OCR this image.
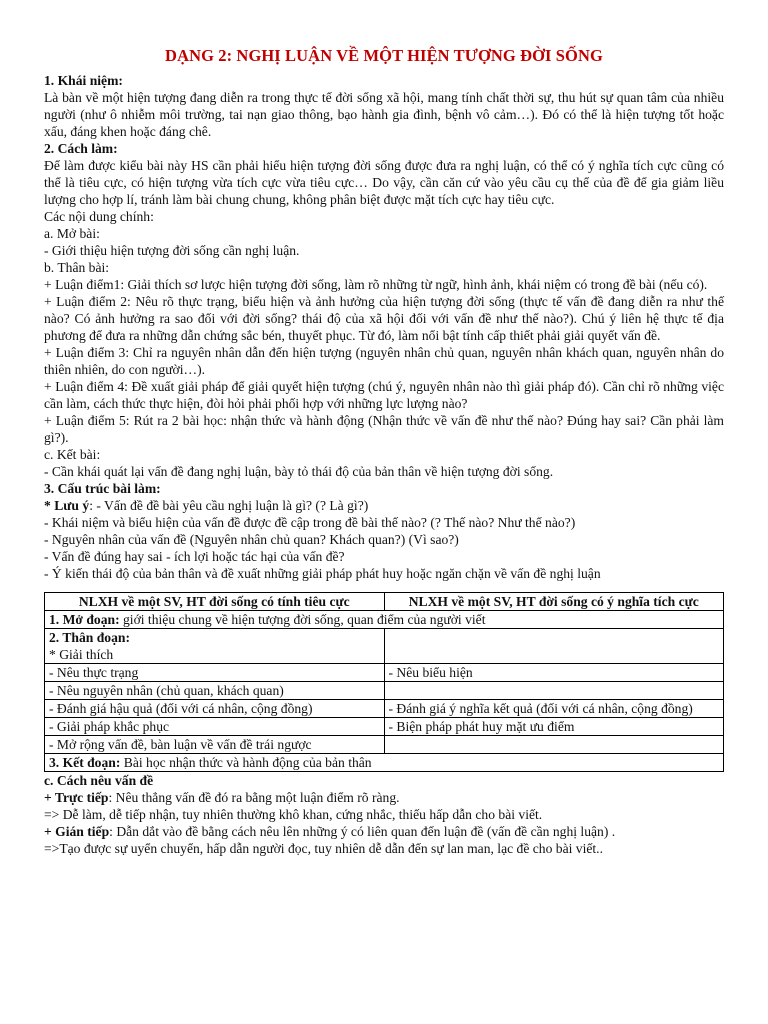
DẠNG 2: NGHỊ LUẬN VỀ MỘT HIỆN TƯỢNG ĐỜI SỐNG

1. Khái niệm:

Là bàn về một hiện tượng đang diễn ra trong thực tế đời sống xã hội, mang tính chất thời sự, thu hút sự quan tâm của nhiều người (như ô nhiễm môi trường, tai nạn giao thông, bạo hành gia đình, bệnh vô cảm…). Đó có thể là hiện tượng tốt hoặc xấu, đáng khen hoặc đáng chê.

2. Cách làm:

Để làm được kiểu bài này HS cần phải hiểu hiện tượng đời sống được đưa ra nghị luận, có thể có ý nghĩa tích cực cũng có thể là tiêu cực, có hiện tượng vừa tích cực vừa tiêu cực… Do vậy, cần căn cứ vào yêu cầu cụ thể của đề để gia giảm liều lượng cho hợp lí, tránh làm bài chung chung, không phân biệt được mặt tích cực hay tiêu cực.

Các nội dung chính:

a. Mở bài:

- Giới thiệu hiện tượng đời sống cần nghị luận.

b. Thân bài:

+ Luận điểm1: Giải thích sơ lược hiện tượng đời sống, làm rõ những từ ngữ, hình ảnh, khái niệm có trong đề bài (nếu có).

+ Luận điểm 2: Nêu rõ thực trạng, biểu hiện và ảnh hưởng của hiện tượng đời sống (thực tế vấn đề đang diễn ra như thế nào? Có ảnh hưởng ra sao đối với đời sống? thái độ của xã hội đối với vấn đề như thế nào?). Chú ý liên hệ thực tế địa phương để đưa ra những dẫn chứng sắc bén, thuyết phục. Từ đó, làm nổi bật tính cấp thiết phải giải quyết vấn đề.

+ Luận điểm 3: Chỉ ra nguyên nhân dẫn đến hiện tượng (nguyên nhân chủ quan, nguyên nhân khách quan, nguyên nhân do thiên nhiên, do con người…).

+ Luận điểm 4: Đề xuất giải pháp để giải quyết hiện tượng (chú ý, nguyên nhân nào thì giải pháp đó). Cần chỉ rõ những việc cần làm, cách thức thực hiện, đòi hỏi phải phối hợp với những lực lượng nào?

+ Luận điểm 5: Rút ra 2 bài học: nhận thức và hành động (Nhận thức về vấn đề như thế nào? Đúng hay sai? Cần phải làm gì?).

c. Kết bài:

- Cần khái quát lại vấn đề đang nghị luận, bày tỏ thái độ của bản thân về hiện tượng đời sống.

3. Cấu trúc bài làm:

* Lưu ý: - Vấn đề đề bài yêu cầu nghị luận là gì? (? Là gì?)

- Khái niệm và biểu hiện của vấn đề được đề cập trong đề bài thế nào? (? Thế nào? Như thế nào?)

- Nguyên nhân của vấn đề (Nguyên nhân chủ quan? Khách quan?) (Vì sao?)

- Vấn đề đúng hay sai - ích lợi hoặc tác hại của vấn đề?

- Ý kiến thái độ của bản thân và đề xuất những giải pháp phát huy hoặc ngăn chặn về vấn đề nghị luận

NLXH về một SV, HT đời sống có tính tiêu cực	NLXH về một SV, HT đời sống có ý nghĩa tích cực
1. Mở đoạn: giới thiệu chung về hiện tượng đời sống, quan điểm của người viết	

2. Thân đoạn:
* Giải thích	

- Nêu thực trạng	- Nêu biểu hiện
- Nêu nguyên nhân (chủ quan, khách quan)	
- Đánh giá hậu quả (đối với cá nhân, cộng đồng)	- Đánh giá ý nghĩa kết quả (đối với cá nhân, cộng đồng)
- Giải pháp khắc phục	- Biện pháp phát huy mặt ưu điểm
- Mở rộng vấn đề, bàn luận về vấn đề trái ngược	
3. Kết đoạn: Bài học nhận thức và hành động của bản thân	

c. Cách nêu vấn đề

+ Trực tiếp: Nêu thẳng vấn đề đó ra bằng một luận điểm rõ ràng.

=> Dễ làm, dễ tiếp nhận, tuy nhiên thường khô khan, cứng nhắc, thiếu hấp dẫn cho bài viết.

+ Gián tiếp: Dẫn dắt vào đề bằng cách nêu lên những ý có liên quan đến luận đề (vấn đề cần nghị luận) .

=>Tạo được sự uyển chuyển, hấp dẫn người đọc, tuy nhiên dễ dẫn đến sự lan man, lạc đề cho bài viết..
